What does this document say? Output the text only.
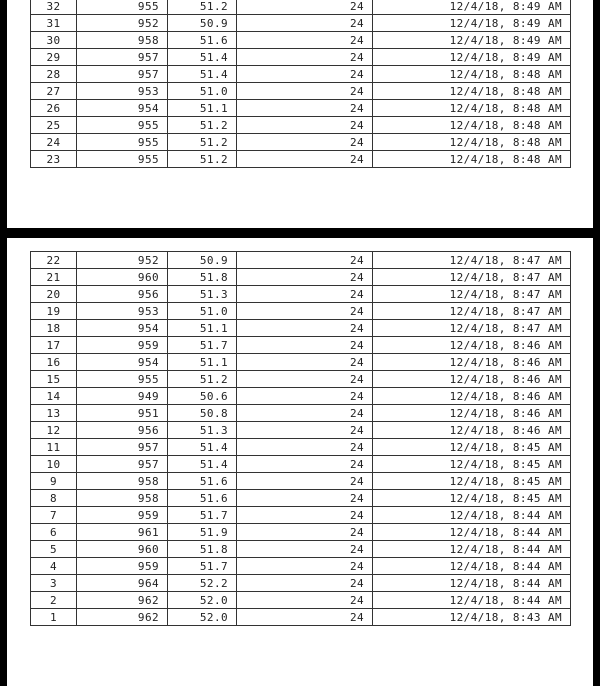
32	955	51.2	24	12/4/18, 8:49 AM
31	952	50.9	24	12/4/18, 8:49 AM
30	958	51.6	24	12/4/18, 8:49 AM
29	957	51.4	24	12/4/18, 8:49 AM
28	957	51.4	24	12/4/18, 8:48 AM
27	953	51.0	24	12/4/18, 8:48 AM
26	954	51.1	24	12/4/18, 8:48 AM
25	955	51.2	24	12/4/18, 8:48 AM
24	955	51.2	24	12/4/18, 8:48 AM
23	955	51.2	24	12/4/18, 8:48 AM
22	952	50.9	24	12/4/18, 8:47 AM
21	960	51.8	24	12/4/18, 8:47 AM
20	956	51.3	24	12/4/18, 8:47 AM
19	953	51.0	24	12/4/18, 8:47 AM
18	954	51.1	24	12/4/18, 8:47 AM
17	959	51.7	24	12/4/18, 8:46 AM
16	954	51.1	24	12/4/18, 8:46 AM
15	955	51.2	24	12/4/18, 8:46 AM
14	949	50.6	24	12/4/18, 8:46 AM
13	951	50.8	24	12/4/18, 8:46 AM
12	956	51.3	24	12/4/18, 8:46 AM
11	957	51.4	24	12/4/18, 8:45 AM
10	957	51.4	24	12/4/18, 8:45 AM
9	958	51.6	24	12/4/18, 8:45 AM
8	958	51.6	24	12/4/18, 8:45 AM
7	959	51.7	24	12/4/18, 8:44 AM
6	961	51.9	24	12/4/18, 8:44 AM
5	960	51.8	24	12/4/18, 8:44 AM
4	959	51.7	24	12/4/18, 8:44 AM
3	964	52.2	24	12/4/18, 8:44 AM
2	962	52.0	24	12/4/18, 8:44 AM
1	962	52.0	24	12/4/18, 8:43 AM
